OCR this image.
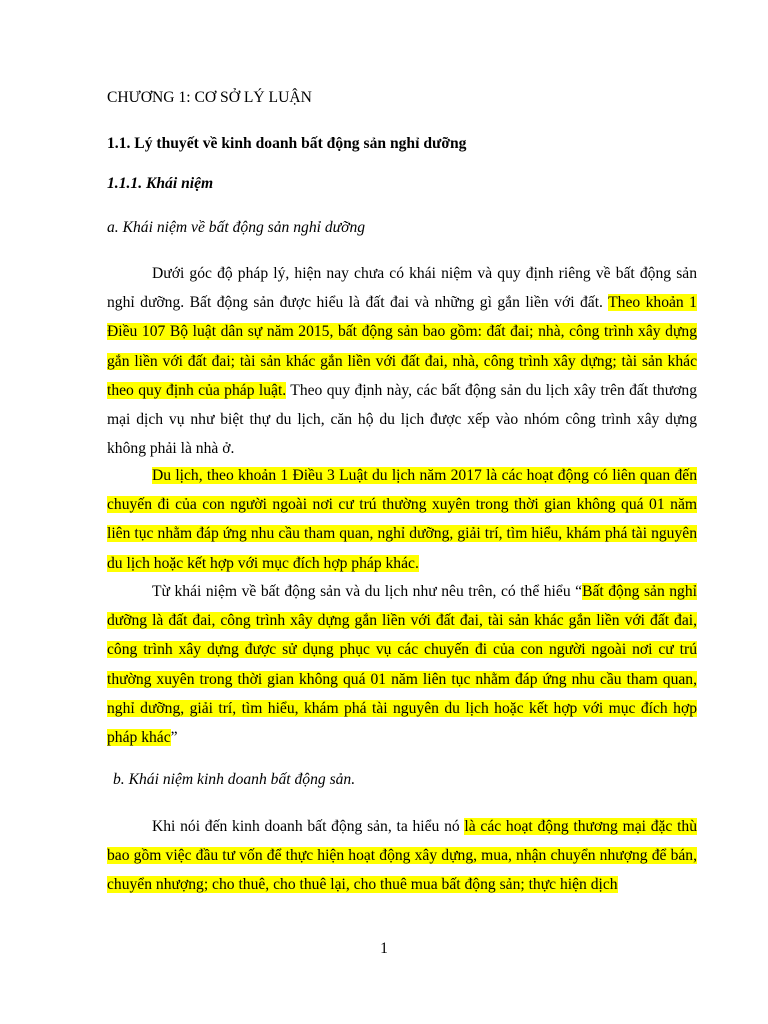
CHƯƠNG 1: CƠ SỞ LÝ LUẬN

1.1. Lý thuyết về kinh doanh bất động sản nghỉ dưỡng

1.1.1. Khái niệm

a. Khái niệm về bất động sản nghỉ dưỡng

Dưới góc độ pháp lý, hiện nay chưa có khái niệm và quy định riêng về bất động sản nghỉ dưỡng. Bất động sản được hiểu là đất đai và những gì gắn liền với đất. Theo khoản 1 Điều 107 Bộ luật dân sự năm 2015, bất động sản bao gồm: đất đai; nhà, công trình xây dựng gắn liền với đất đai; tài sản khác gắn liền với đất đai, nhà, công trình xây dựng; tài sản khác theo quy định của pháp luật. Theo quy định này, các bất động sản du lịch xây trên đất thương mại dịch vụ như biệt thự du lịch, căn hộ du lịch được xếp vào nhóm công trình xây dựng không phải là nhà ở.

Du lịch, theo khoản 1 Điều 3 Luật du lịch năm 2017 là các hoạt động có liên quan đến chuyến đi của con người ngoài nơi cư trú thường xuyên trong thời gian không quá 01 năm liên tục nhằm đáp ứng nhu cầu tham quan, nghỉ dưỡng, giải trí, tìm hiểu, khám phá tài nguyên du lịch hoặc kết hợp với mục đích hợp pháp khác.

Từ khái niệm về bất động sản và du lịch như nêu trên, có thể hiểu “Bất động sản nghỉ dưỡng là đất đai, công trình xây dựng gắn liền với đất đai, tài sản khác gắn liền với đất đai, công trình xây dựng được sử dụng phục vụ các chuyến đi của con người ngoài nơi cư trú thường xuyên trong thời gian không quá 01 năm liên tục nhằm đáp ứng nhu cầu tham quan, nghỉ dưỡng, giải trí, tìm hiểu, khám phá tài nguyên du lịch hoặc kết hợp với mục đích hợp pháp khác”

b. Khái niệm kinh doanh bất động sản.

Khi nói đến kinh doanh bất động sản, ta hiểu nó là các hoạt động thương mại đặc thù bao gồm việc đầu tư vốn để thực hiện hoạt động xây dựng, mua, nhận chuyển nhượng để bán, chuyển nhượng; cho thuê, cho thuê lại, cho thuê mua bất động sản; thực hiện dịch

1
